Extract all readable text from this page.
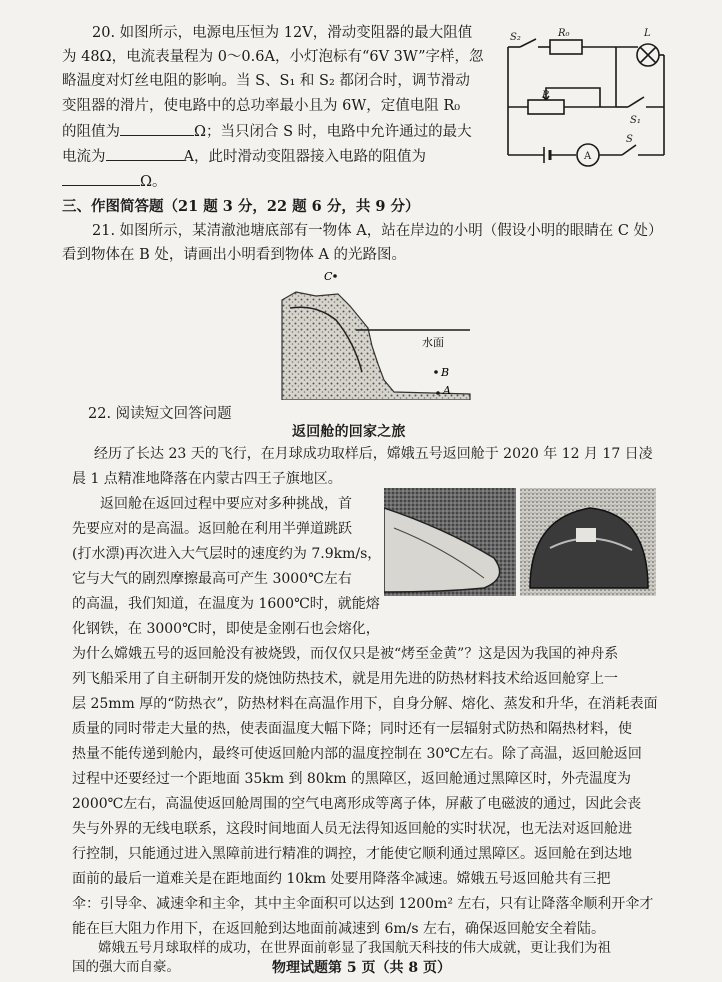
20. 如图所示，电源电压恒为 12V，滑动变阻器的最大阻值
为 48Ω，电流表量程为 0～0.6A，小灯泡标有“6V 3W”字样，忽
略温度对灯丝电阻的影响。当 S、S₁ 和 S₂ 都闭合时，调节滑动
变阻器的滑片，使电路中的总功率最小且为 6W，定值电阻 R₀
的阻值为	Ω；当只闭合 S 时，电路中允许通过的最大
电流为	A，此时滑动变阻器接入电路的阻值为
Ω。
S₂	R₀	L
P
S₁
A
S
三、作图简答题（21 题 3 分，22 题 6 分，共 9 分）
21. 如图所示，某清澈池塘底部有一物体 A，站在岸边的小明（假设小明的眼睛在 C 处）
看到物体在 B 处，请画出小明看到物体 A 的光路图。
C
水面
B
A
22. 阅读短文回答问题
返回舱的回家之旅
经历了长达 23 天的飞行，在月球成功取样后，嫦娥五号返回舱于 2020 年 12 月 17 日凌
晨 1 点精准地降落在内蒙古四王子旗地区。
返回舱在返回过程中要应对多种挑战，首
先要应对的是高温。返回舱在利用半弹道跳跃
(打水漂)再次进入大气层时的速度约为 7.9km/s，
它与大气的剧烈摩擦最高可产生 3000℃左右
的高温，我们知道，在温度为 1600℃时，就能熔
化钢铁，在 3000℃时，即使是金刚石也会熔化，
为什么嫦娥五号的返回舱没有被烧毁，而仅仅只是被“烤至金黄”？这是因为我国的神舟系
列飞船采用了自主研制开发的烧蚀防热技术，就是用先进的防热材料技术给返回舱穿上一
层 25mm 厚的“防热衣”，防热材料在高温作用下，自身分解、熔化、蒸发和升华，在消耗表面
质量的同时带走大量的热，使表面温度大幅下降；同时还有一层辐射式防热和隔热材料，使
热量不能传递到舱内，最终可使返回舱内部的温度控制在 30℃左右。除了高温，返回舱返回
过程中还要经过一个距地面 35km 到 80km 的黑障区，返回舱通过黑障区时，外壳温度为
2000℃左右，高温使返回舱周围的空气电离形成等离子体，屏蔽了电磁波的通过，因此会丧
失与外界的无线电联系，这段时间地面人员无法得知返回舱的实时状况，也无法对返回舱进
行控制，只能通过进入黑障前进行精准的调控，才能使它顺利通过黑障区。返回舱在到达地
面前的最后一道难关是在距地面约 10km 处要用降落伞减速。嫦娥五号返回舱共有三把
伞：引导伞、减速伞和主伞，其中主伞面积可以达到 1200m² 左右，只有让降落伞顺利开伞才
能在巨大阻力作用下，在返回舱到达地面前减速到 6m/s 左右，确保返回舱安全着陆。
嫦娥五号月球取样的成功，在世界面前彰显了我国航天科技的伟大成就，更让我们为祖
国的强大而自豪。	物理试题第 5 页（共 8 页）
